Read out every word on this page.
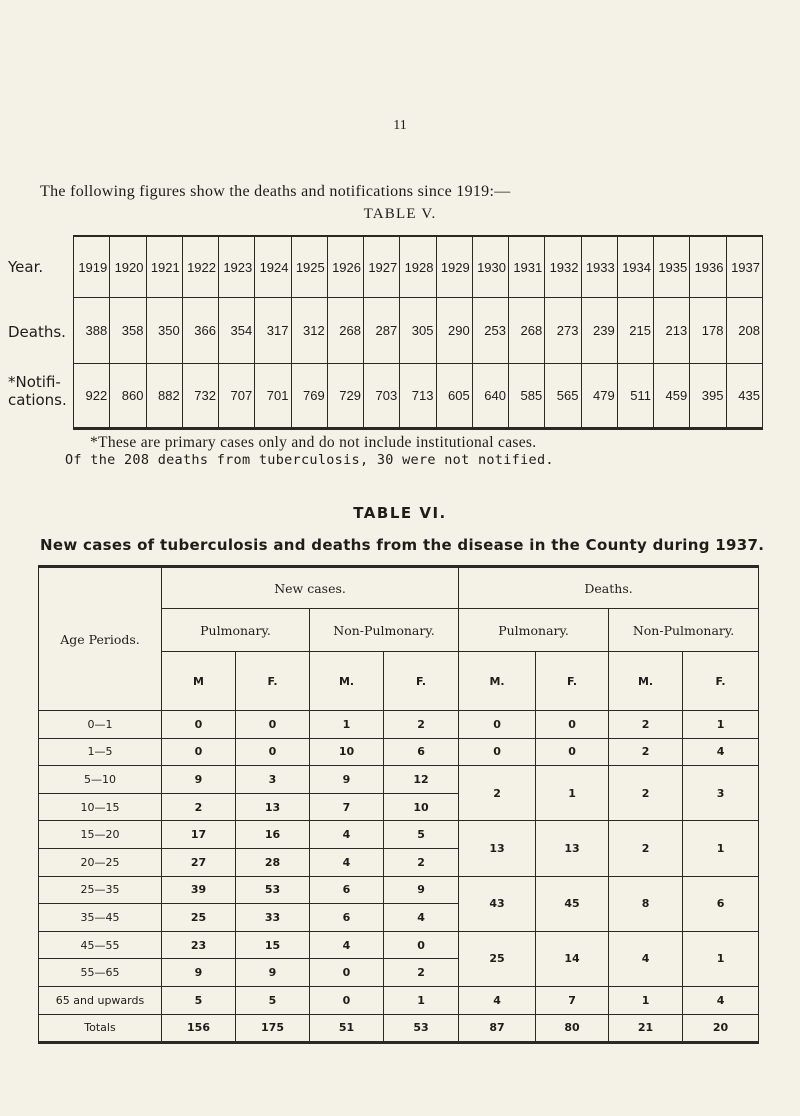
11
The following figures show the deaths and notifications since 1919:—
TABLE V.
Year.
Deaths.
*Notifi-
cations.
1919	1920	1921	1922	1923	1924	1925	1926	1927	1928	1929	1930	1931	1932	1933	1934	1935	1936	1937
388	358	350	366	354	317	312	268	287	305	290	253	268	273	239	215	213	178	208
922	860	882	732	707	701	769	729	703	713	605	640	585	565	479	511	459	395	435
*These are primary cases only and do not include institutional cases.
Of the 208 deaths from tuberculosis, 30 were not notified.
TABLE VI.
New cases of tuberculosis and deaths from the disease in the County during 1937.
Age Periods.	New cases.				Deaths.			
	Pulmonary.		Non-Pulmonary.		Pulmonary.		Non-Pulmonary.	
	M	F.	M.	F.	M.	F.	M.	F.
0—1	0	0	1	2	0	0	2	1
1—5	0	0	10	6	0	0	2	4
5—10	9	3	9	12	2	1	2	3
10—15	2	13	7	10				
15—20	17	16	4	5	13	13	2	1
20—25	27	28	4	2				
25—35	39	53	6	9	43	45	8	6
35—45	25	33	6	4				
45—55	23	15	4	0	25	14	4	1
55—65	9	9	0	2				
65 and upwards	5	5	0	1	4	7	1	4
Totals	156	175	51	53	87	80	21	20
